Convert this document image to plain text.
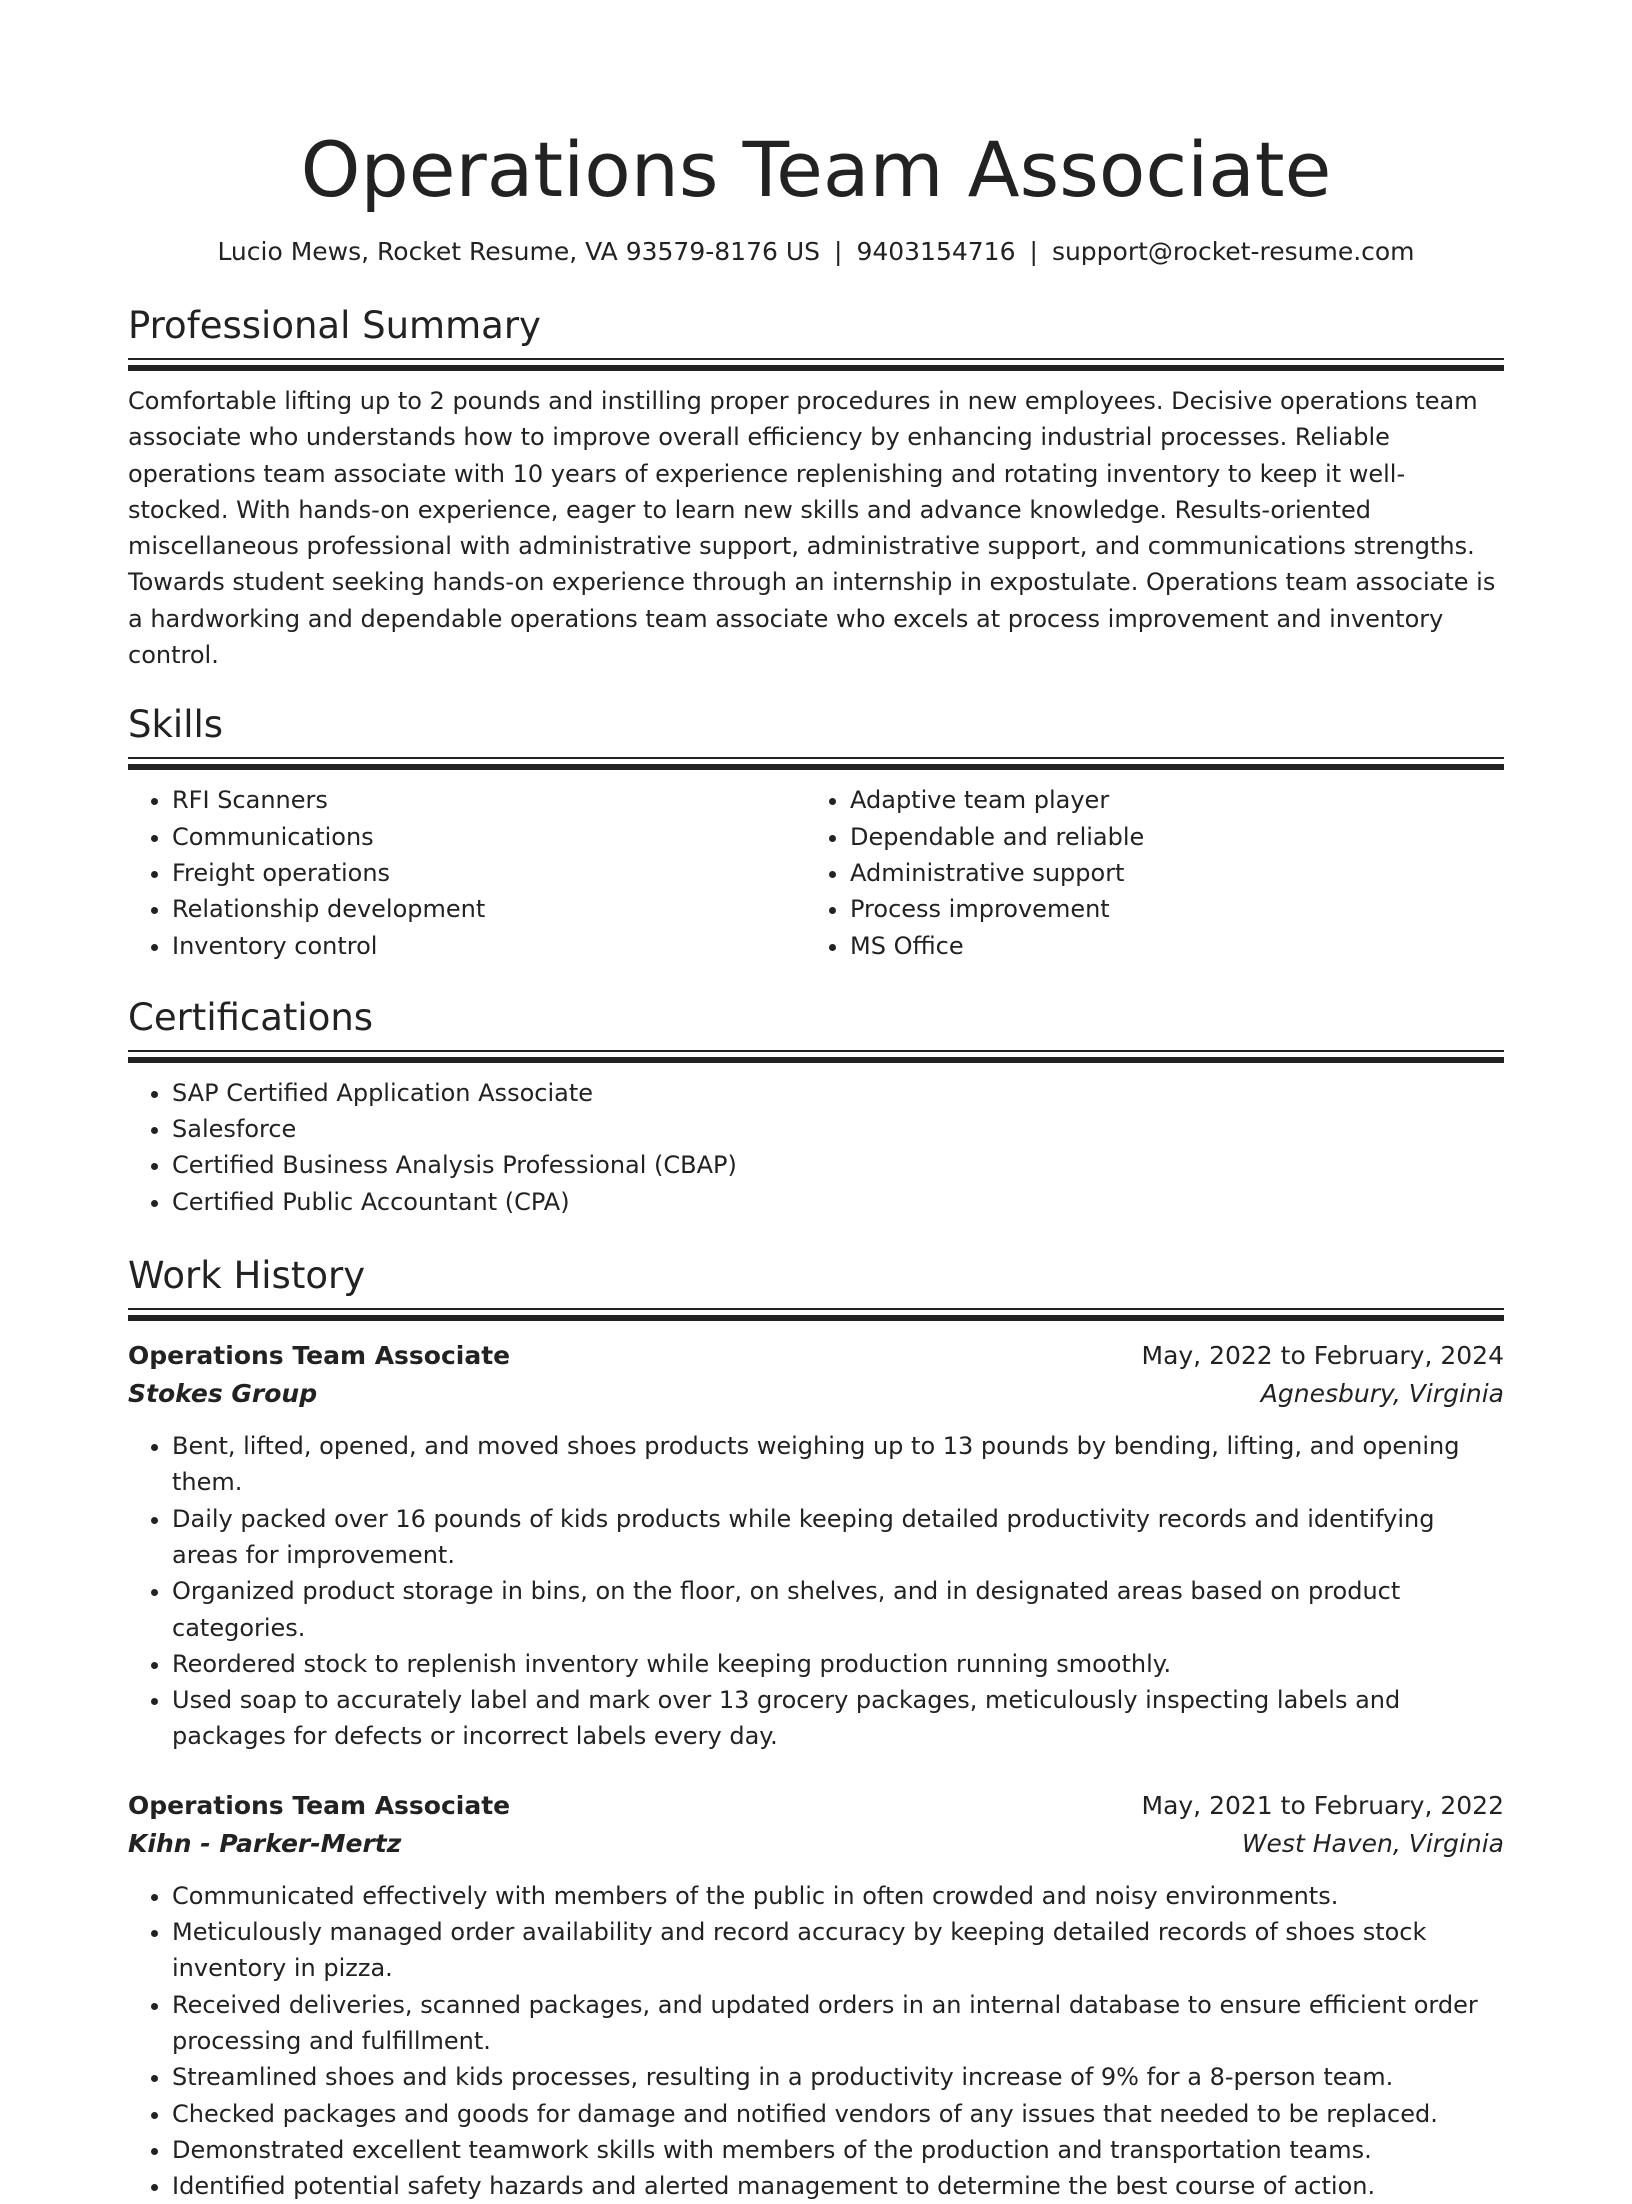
Operations Team Associate
Lucio Mews, Rocket Resume, VA 93579-8176 US | 9403154716 | support@rocket-resume.com
Professional Summary
Comfortable lifting up to 2 pounds and instilling proper procedures in new employees. Decisive operations team associate who understands how to improve overall efficiency by enhancing industrial processes. Reliable operations team associate with 10 years of experience replenishing and rotating inventory to keep it well-stocked. With hands-on experience, eager to learn new skills and advance knowledge. Results-oriented miscellaneous professional with administrative support, administrative support, and communications strengths. Towards student seeking hands-on experience through an internship in expostulate. Operations team associate is a hardworking and dependable operations team associate who excels at process improvement and inventory control.
Skills
• RFI Scanners
• Communications
• Freight operations
• Relationship development
• Inventory control
• Adaptive team player
• Dependable and reliable
• Administrative support
• Process improvement
• MS Office
Certifications
• SAP Certified Application Associate
• Salesforce
• Certified Business Analysis Professional (CBAP)
• Certified Public Accountant (CPA)
Work History
Operations Team Associate	May, 2022 to February, 2024
Stokes Group	Agnesbury, Virginia
• Bent, lifted, opened, and moved shoes products weighing up to 13 pounds by bending, lifting, and opening them.
• Daily packed over 16 pounds of kids products while keeping detailed productivity records and identifying areas for improvement.
• Organized product storage in bins, on the floor, on shelves, and in designated areas based on product categories.
• Reordered stock to replenish inventory while keeping production running smoothly.
• Used soap to accurately label and mark over 13 grocery packages, meticulously inspecting labels and packages for defects or incorrect labels every day.
Operations Team Associate	May, 2021 to February, 2022
Kihn - Parker-Mertz	West Haven, Virginia
• Communicated effectively with members of the public in often crowded and noisy environments.
• Meticulously managed order availability and record accuracy by keeping detailed records of shoes stock inventory in pizza.
• Received deliveries, scanned packages, and updated orders in an internal database to ensure efficient order processing and fulfillment.
• Streamlined shoes and kids processes, resulting in a productivity increase of 9% for a 8-person team.
• Checked packages and goods for damage and notified vendors of any issues that needed to be replaced.
• Demonstrated excellent teamwork skills with members of the production and transportation teams.
• Identified potential safety hazards and alerted management to determine the best course of action.
